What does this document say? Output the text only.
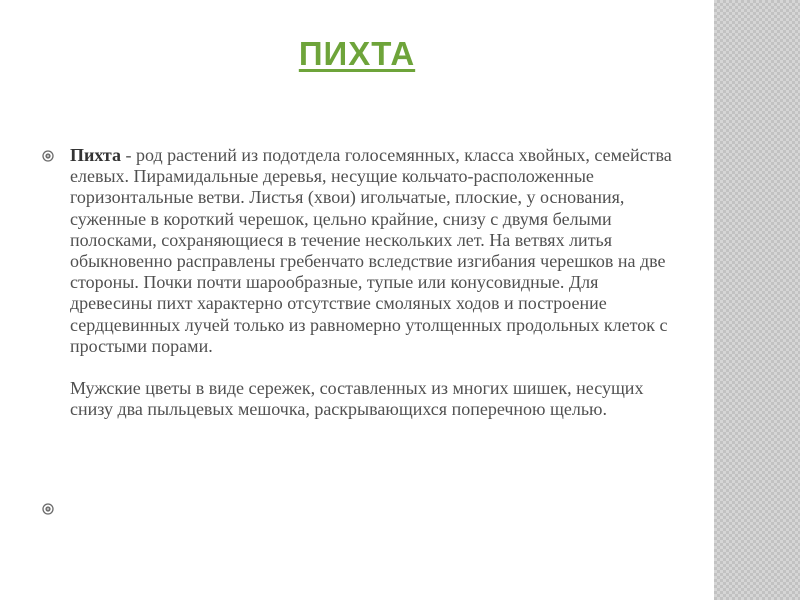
ПИХТА

Пихта - род растений из подотдела голосемянных, класса хвойных, семейства елевых. Пирамидальные деревья, несущие кольчато-расположенные горизонтальные ветви. Листья (хвои) игольчатые, плоские, у основания, суженные в короткий черешок, цельно крайние, снизу с двумя белыми полосками, сохраняющиеся в течение нескольких лет. На ветвях литья обыкновенно расправлены гребенчато вследствие изгибания черешков на две стороны. Почки почти шарообразные, тупые или конусовидные. Для древесины пихт характерно отсутствие смоляных ходов и построение сердцевинных лучей только из равномерно утолщенных продольных клеток с простыми порами.

Мужские цветы в виде сережек, составленных из многих шишек, несущих снизу два пыльцевых мешочка, раскрывающихся поперечною щелью.
